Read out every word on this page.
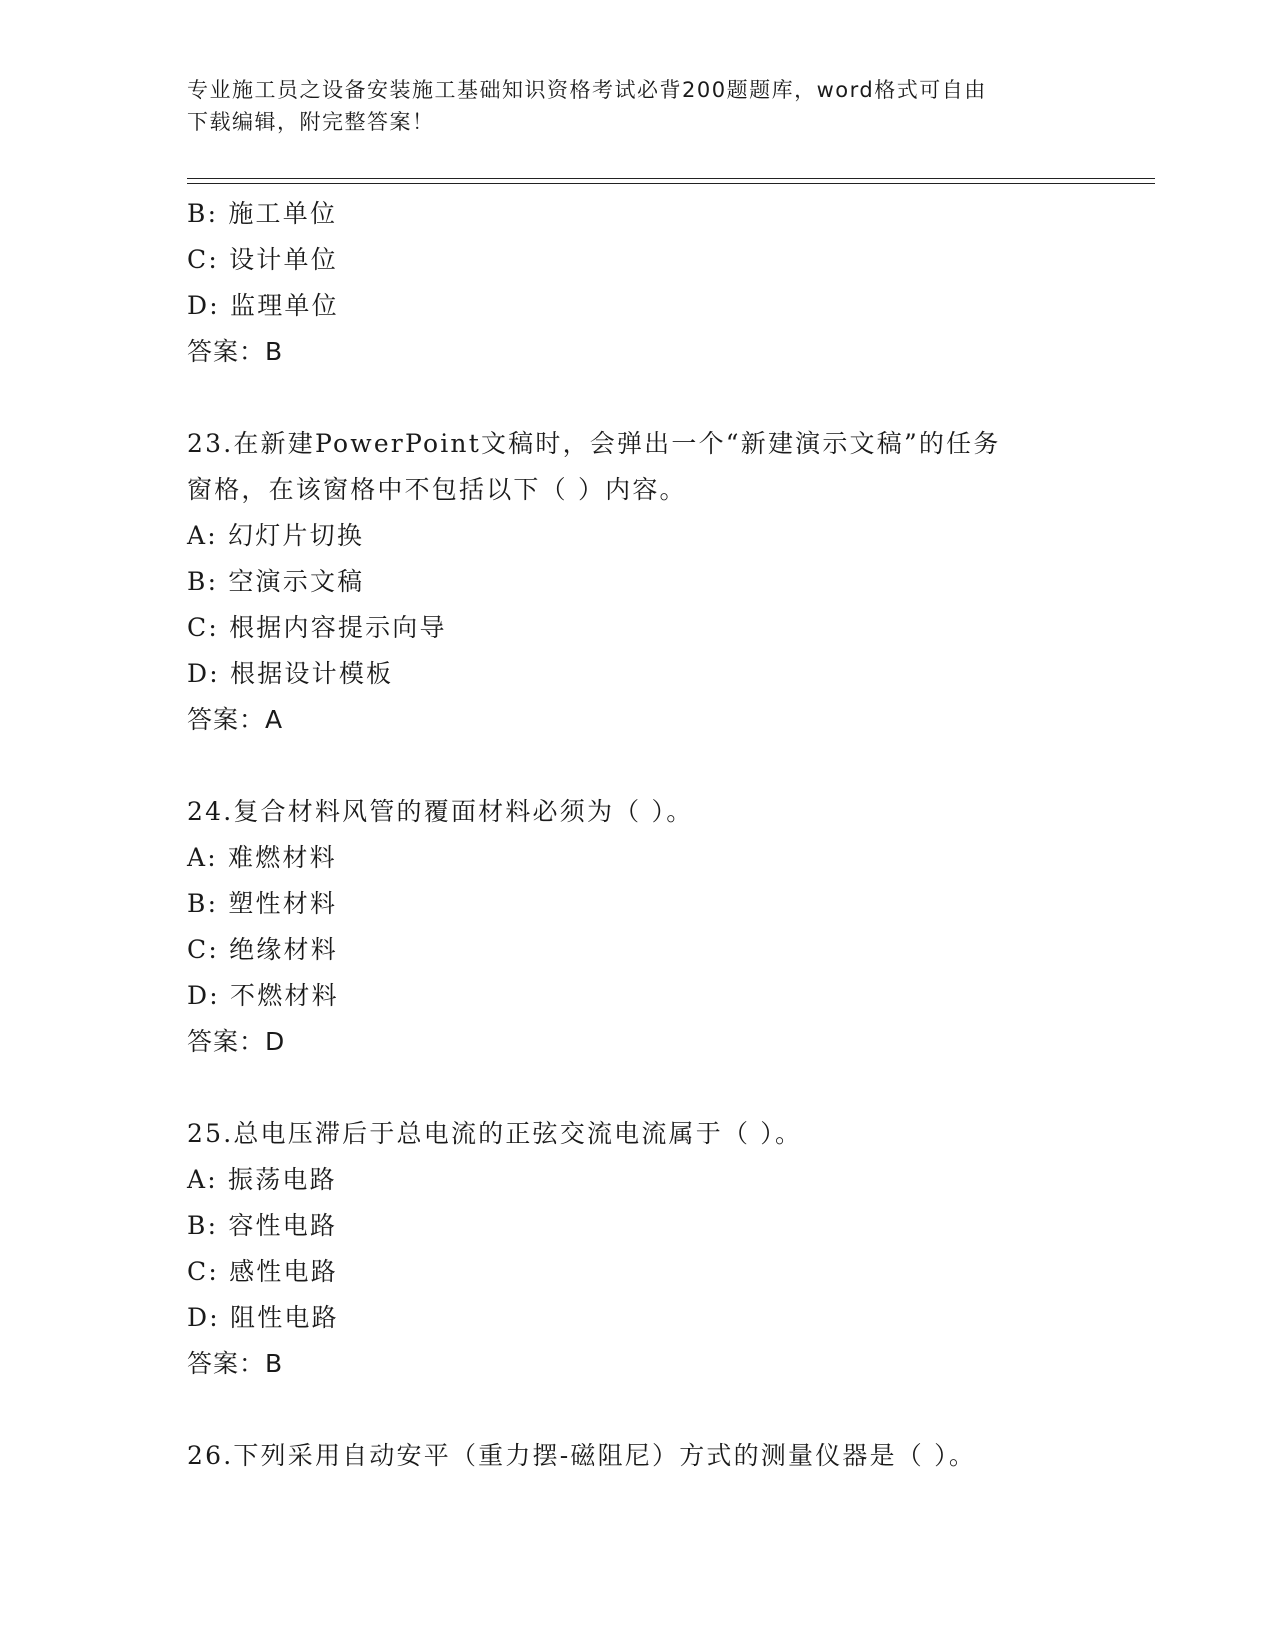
专业施工员之设备安装施工基础知识资格考试必背200题题库，word格式可自由
下载编辑，附完整答案！
B: 施工单位
C: 设计单位
D: 监理单位
答案：B
23.在新建PowerPoint文稿时，会弹出一个“新建演示文稿”的任务
窗格，在该窗格中不包括以下（ ）内容。
A: 幻灯片切换
B: 空演示文稿
C: 根据内容提示向导
D: 根据设计模板
答案：A
24.复合材料风管的覆面材料必须为（ ）。
A: 难燃材料
B: 塑性材料
C: 绝缘材料
D: 不燃材料
答案：D
25.总电压滞后于总电流的正弦交流电流属于（ ）。
A: 振荡电路
B: 容性电路
C: 感性电路
D: 阻性电路
答案：B
26.下列采用自动安平（重力摆-磁阻尼）方式的测量仪器是（ ）。
